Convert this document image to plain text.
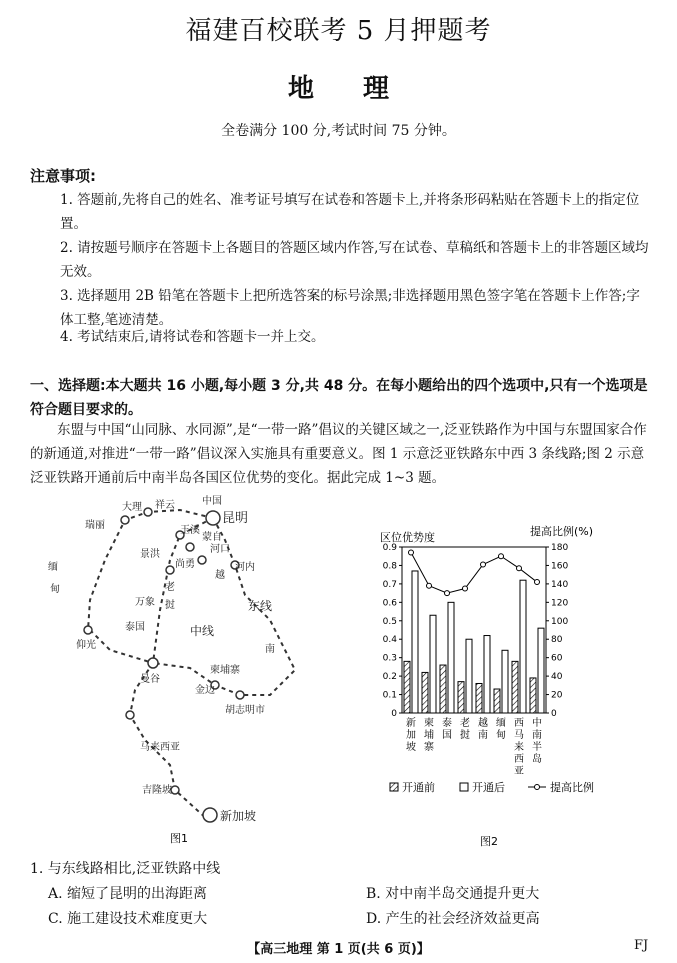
福建百校联考 5 月押题考
地 理
全卷满分 100 分,考试时间 75 分钟。
注意事项:
1. 答题前,先将自己的姓名、准考证号填写在试卷和答题卡上,并将条形码粘贴在答题卡上的指定位置。
2. 请按题号顺序在答题卡上各题目的答题区域内作答,写在试卷、草稿纸和答题卡上的非答题区域均无效。
3. 选择题用 2B 铅笔在答题卡上把所选答案的标号涂黑;非选择题用黑色签字笔在答题卡上作答;字体工整,笔迹清楚。
4. 考试结束后,请将试卷和答题卡一并上交。
一、选择题:本大题共 16 小题,每小题 3 分,共 48 分。在每小题给出的四个选项中,只有一个选项是符合题目要求的。
东盟与中国“山同脉、水同源”,是“一带一路”倡议的关键区域之一,泛亚铁路作为中国与东盟国家合作的新通道,对推进“一带一路”倡议深入实施具有重要意义。图 1 示意泛亚铁路东中西 3 条线路;图 2 示意泛亚铁路开通前后中南半岛各国区位优势的变化。据此完成 1~3 题。
中国
昆明
大理 祥云
瑞丽	玉溪
蒙自
河口
景洪
尚勇	河内
越
缅
甸	老
挝
万象
泰国	中线
东线
南
仰光
曼谷
柬埔寨
金边
胡志明市
马来西亚
吉隆坡
新加坡
图1
区位优势度	提高比例(%)
0
0.1
0.2
0.3
0.4
0.5
0.6
0.7
0.8
0.9
0
20
40
60
80
100
120
140
160
180
新
加
坡
柬
埔
寨
泰
国
老
挝
越
南
缅
甸
西
马
来
西
亚
中
南
半
岛
开通前	开通后	提高比例
图2
1. 与东线路相比,泛亚铁路中线
A. 缩短了昆明的出海距离	B. 对中南半岛交通提升更大
C. 施工建设技术难度更大	D. 产生的社会经济效益更高
【高三地理 第 1 页(共 6 页)】	FJ
